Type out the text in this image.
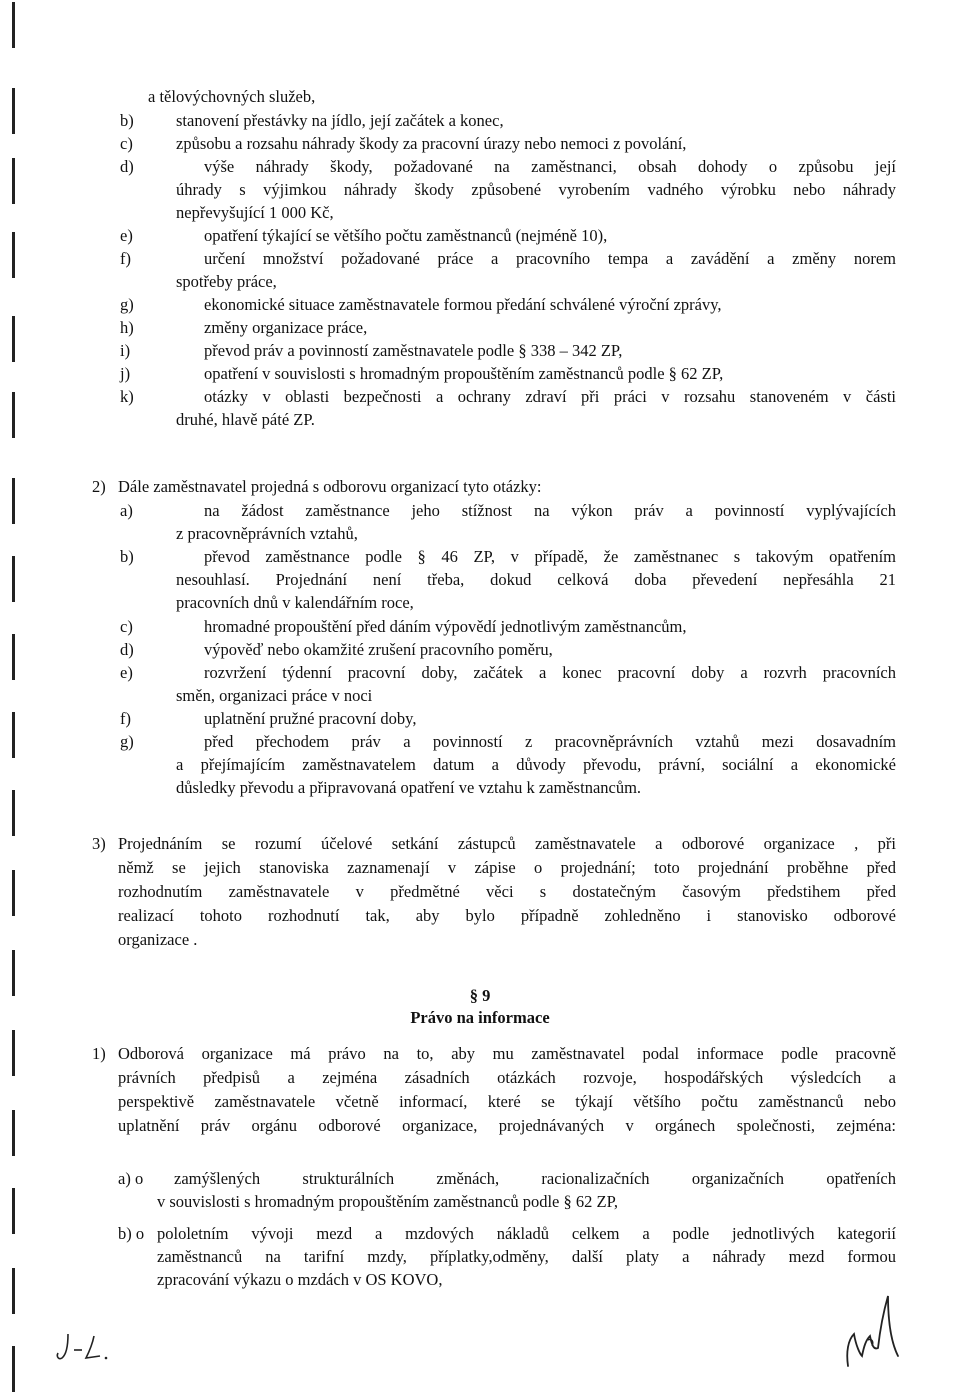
a tělovýchovných služeb,
b)	stanovení přestávky na jídlo, její začátek a konec,
c)	způsobu a rozsahu náhrady škody za pracovní úrazy nebo nemoci z povolání,
d)	výše náhrady škody, požadované na zaměstnanci, obsah dohody o způsobu její
úhrady s výjimkou náhrady škody způsobené vyrobením vadného výrobku nebo náhrady
nepřevyšující 1 000 Kč,
e)	opatření týkající se většího počtu zaměstnanců (nejméně 10),
f)	určení množství požadované práce a pracovního tempa a zavádění a změny norem
spotřeby práce,
g)	ekonomické situace zaměstnavatele formou předání schválené výroční zprávy,
h)	změny organizace práce,
i)	převod práv a povinností zaměstnavatele podle § 338 – 342 ZP,
j)	opatření v souvislosti s hromadným propouštěním zaměstnanců podle § 62 ZP,
k)	otázky v oblasti bezpečnosti a ochrany zdraví při práci v rozsahu stanoveném v části
druhé, hlavě páté ZP.
2) Dále zaměstnavatel projedná s odborovu organizací tyto otázky:
a)	na žádost zaměstnance jeho stížnost na výkon práv a povinností vyplývajících
z pracovněprávních vztahů,
b)	převod zaměstnance podle § 46 ZP, v případě, že zaměstnanec s takovým opatřením
nesouhlasí. Projednání není třeba, dokud celková doba převedení nepřesáhla 21
pracovních dnů v kalendářním roce,
c)	hromadné propouštění před dáním výpovědí jednotlivým zaměstnancům,
d)	výpověď nebo okamžité zrušení pracovního poměru,
e)	rozvržení týdenní pracovní doby, začátek a konec pracovní doby a rozvrh pracovních
směn, organizaci práce v noci
f)	uplatnění pružné pracovní doby,
g)	před přechodem práv a povinností z pracovněprávních vztahů mezi dosavadním
a přejímajícím zaměstnavatelem datum a důvody převodu, právní, sociální a ekonomické
důsledky převodu a připravovaná opatření ve vztahu k zaměstnancům.
3) Projednáním se rozumí účelové setkání zástupců zaměstnavatele a odborové organizace , při
němž se jejich stanoviska zaznamenají v zápise o projednání; toto projednání proběhne před
rozhodnutím zaměstnavatele v předmětné věci s dostatečným časovým předstihem před
realizací tohoto rozhodnutí tak, aby bylo případně zohledněno i stanovisko odborové
organizace .
§ 9
Právo na informace
1) Odborová organizace má právo na to, aby mu zaměstnavatel podal informace podle pracovně
právních předpisů a zejména zásadních otázkách rozvoje, hospodářských výsledcích a
perspektivě zaměstnavatele včetně informací, které se týkají většího počtu zaměstnanců nebo
uplatnění práv orgánu odborové organizace, projednávaných v orgánech společnosti, zejména:
a) o zamýšlených strukturálních změnách, racionalizačních organizačních opatřeních
v souvislosti s hromadným propouštěním zaměstnanců podle § 62 ZP,
b) o pololetním vývoji mezd a mzdových nákladů celkem a podle jednotlivých kategorií
zaměstnanců na tarifní mzdy, příplatky,odměny, další platy a náhrady mezd formou
zpracování výkazu o mzdách v OS KOVO,
